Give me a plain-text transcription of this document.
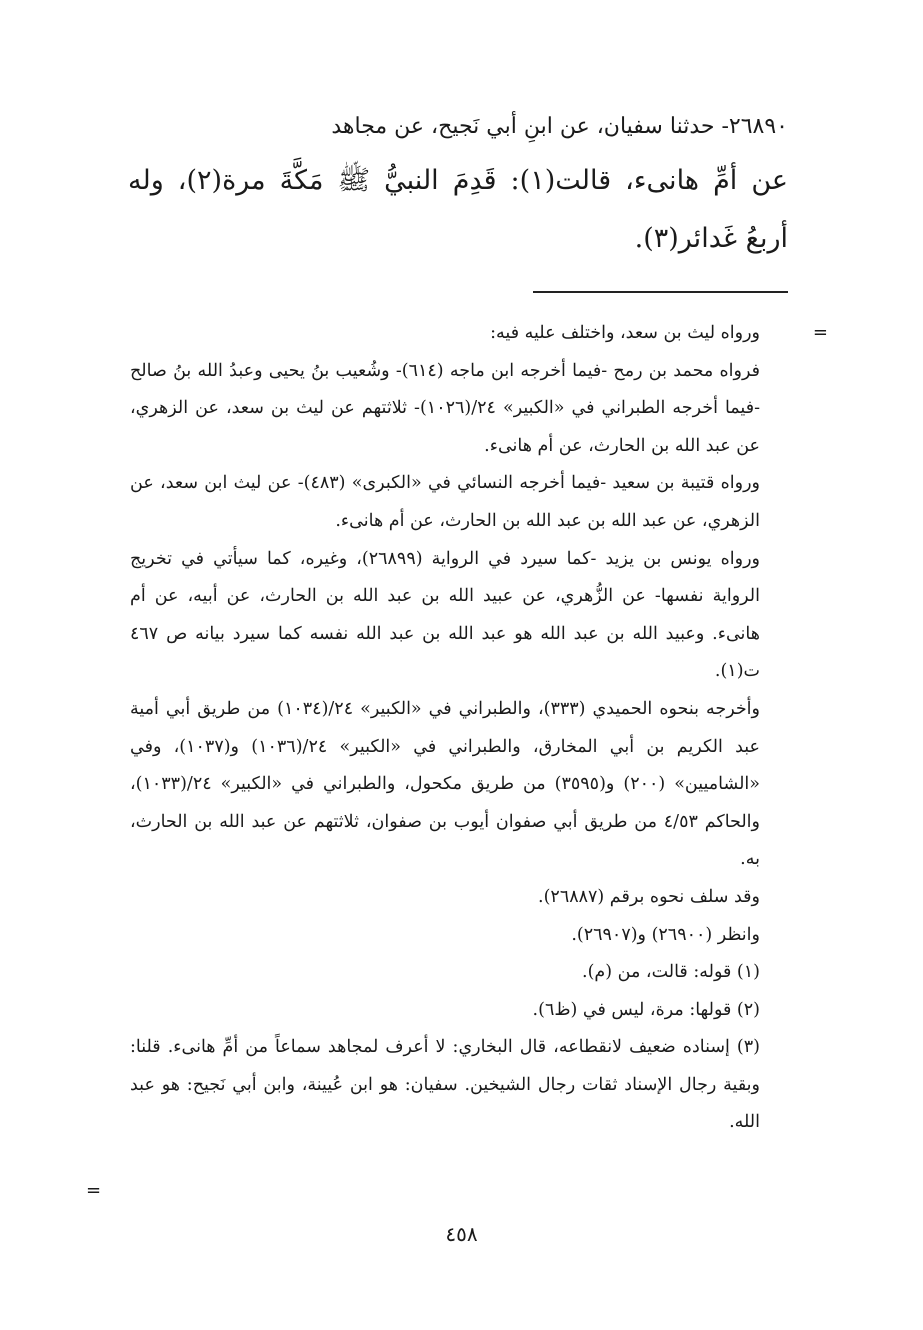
٢٦٨٩٠- حدثنا سفيان، عن ابنِ أبي نَجيح، عن مجاهد

عن أمِّ هانىء، قالت(١): قَدِمَ النبيُّ ﷺ مَكَّةَ مرة(٢)، وله أربعُ غَدائر(٣).

=

ورواه ليث بن سعد، واختلف عليه فيه:

فرواه محمد بن رمح -فيما أخرجه ابن ماجه (٦١٤)- وشُعيب بنُ يحيى وعبدُ الله بنُ صالح -فيما أخرجه الطبراني في «الكبير» ٢٤/(١٠٢٦)- ثلاثتهم عن ليث بن سعد، عن الزهري، عن عبد الله بن الحارث، عن أم هانىء.

ورواه قتيبة بن سعيد -فيما أخرجه النسائي في «الكبرى» (٤٨٣)- عن ليث ابن سعد، عن الزهري، عن عبد الله بن عبد الله بن الحارث، عن أم هانىء.

ورواه يونس بن يزيد -كما سيرد في الرواية (٢٦٨٩٩)، وغيره، كما سيأتي في تخريج الرواية نفسها- عن الزُّهري، عن عبيد الله بن عبد الله بن الحارث، عن أبيه، عن أم هانىء. وعبيد الله بن عبد الله هو عبد الله بن عبد الله نفسه كما سيرد بيانه ص ٤٦٧ ت(١).

وأخرجه بنحوه الحميدي (٣٣٣)، والطبراني في «الكبير» ٢٤/(١٠٣٤) من طريق أبي أمية عبد الكريم بن أبي المخارق، والطبراني في «الكبير» ٢٤/(١٠٣٦) و(١٠٣٧)، وفي «الشاميين» (٢٠٠) و(٣٥٩٥) من طريق مكحول، والطبراني في «الكبير» ٢٤/(١٠٣٣)، والحاكم ٤/٥٣ من طريق أبي صفوان أيوب بن صفوان، ثلاثتهم عن عبد الله بن الحارث، به.

وقد سلف نحوه برقم (٢٦٨٨٧).

وانظر (٢٦٩٠٠) و(٢٦٩٠٧).

(١) قوله: قالت، من (م).

(٢) قولها: مرة، ليس في (ظ٦).

(٣) إسناده ضعيف لانقطاعه، قال البخاري: لا أعرف لمجاهد سماعاً من أمِّ هانىء. قلنا: وبقية رجال الإسناد ثقات رجال الشيخين. سفيان: هو ابن عُيينة، وابن أبي نَجيح: هو عبد الله.

=
٤٥٨
